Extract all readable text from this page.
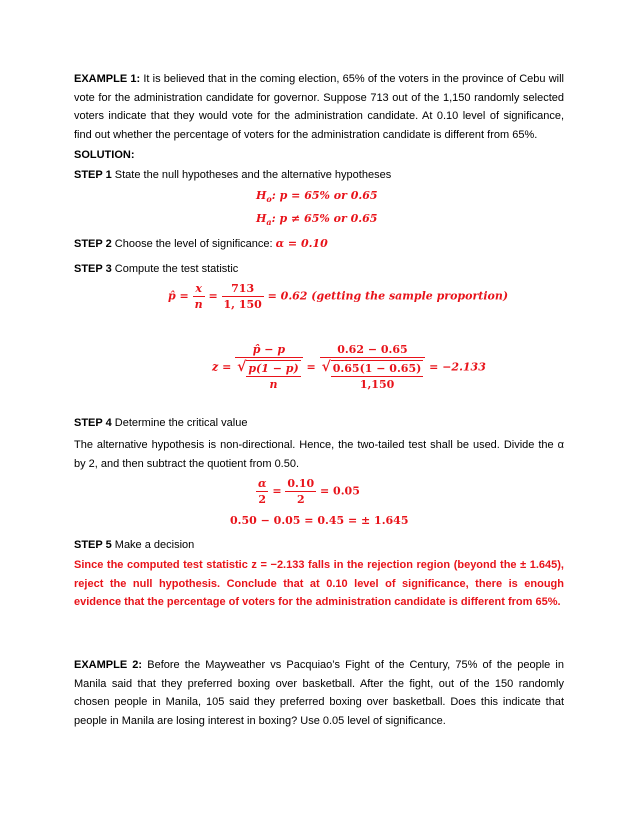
EXAMPLE 1: It is believed that in the coming election, 65% of the voters in the province of Cebu will vote for the administration candidate for governor. Suppose 713 out of the 1,150 randomly selected voters indicate that they would vote for the administration candidate. At 0.10 level of significance, find out whether the percentage of voters for the administration candidate is different from 65%.

SOLUTION:
STEP 1 State the null hypotheses and the alternative hypotheses
$H_o$: p = 65% or 0.65
$H_a$: p ≠ 65% or 0.65
STEP 2 Choose the level of significance: α = 0.10
STEP 3 Compute the test statistic
p̂ = $\frac{x}{n} = \frac{713}{1, 150} = 0.62$ (getting the sample proportion)
$z = \frac{p̂ - p}{√ \frac{p(1 - p)}{n}} = \frac{0.62 - 0.65}{√ \frac{0.65(1 - 0.65)}{1,150}} = -2.133$
STEP 4 Determine the critical value

The alternative hypothesis is non-directional. Hence, the two-tailed test shall be used. Divide the α by 2, and then subtract the quotient from 0.50.

$\frac{\alpha}{2} = \frac{0.10}{2} = 0.05$
0.50 − 0.05 = 0.45 = ± 1.645
STEP 5 Make a decision

Since the computed test statistic z = −2.133 falls in the rejection region (beyond the ± 1.645), reject the null hypothesis. Conclude that at 0.10 level of significance, there is enough evidence that the percentage of voters for the administration candidate is different from 65%.

EXAMPLE 2: Before the Mayweather vs Pacquiao’s Fight of the Century, 75% of the people in Manila said that they preferred boxing over basketball. After the fight, out of the 150 randomly chosen people in Manila, 105 said they preferred boxing over basketball. Does this indicate that people in Manila are losing interest in boxing? Use 0.05 level of significance.
